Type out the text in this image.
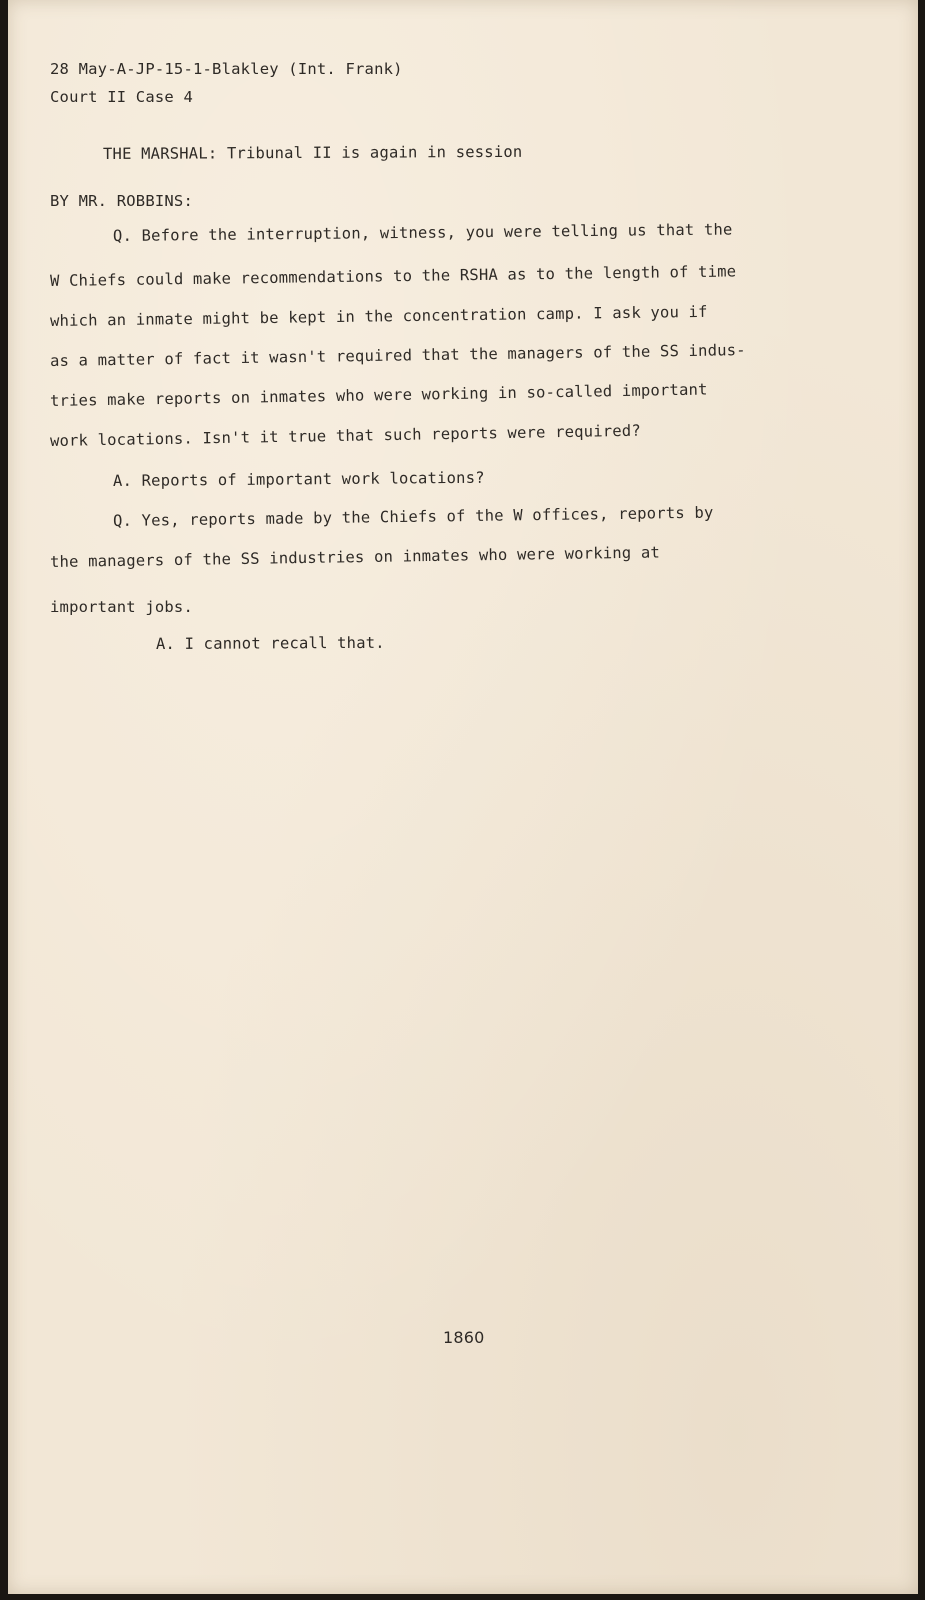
28 May-A-JP-15-1-Blakley (Int. Frank)
Court II Case 4
THE MARSHAL: Tribunal II is again in session
BY MR. ROBBINS:
Q. Before the interruption, witness, you were telling us that the
W Chiefs could make recommendations to the RSHA as to the length of time
which an inmate might be kept in the concentration camp. I ask you if
as a matter of fact it wasn't required that the managers of the SS indus-
tries make reports on inmates who were working in so-called important
work locations. Isn't it true that such reports were required?
A. Reports of important work locations?
Q. Yes, reports made by the Chiefs of the W offices, reports by
the managers of the SS industries on inmates who were working at
important jobs.
A. I cannot recall that.
1860
